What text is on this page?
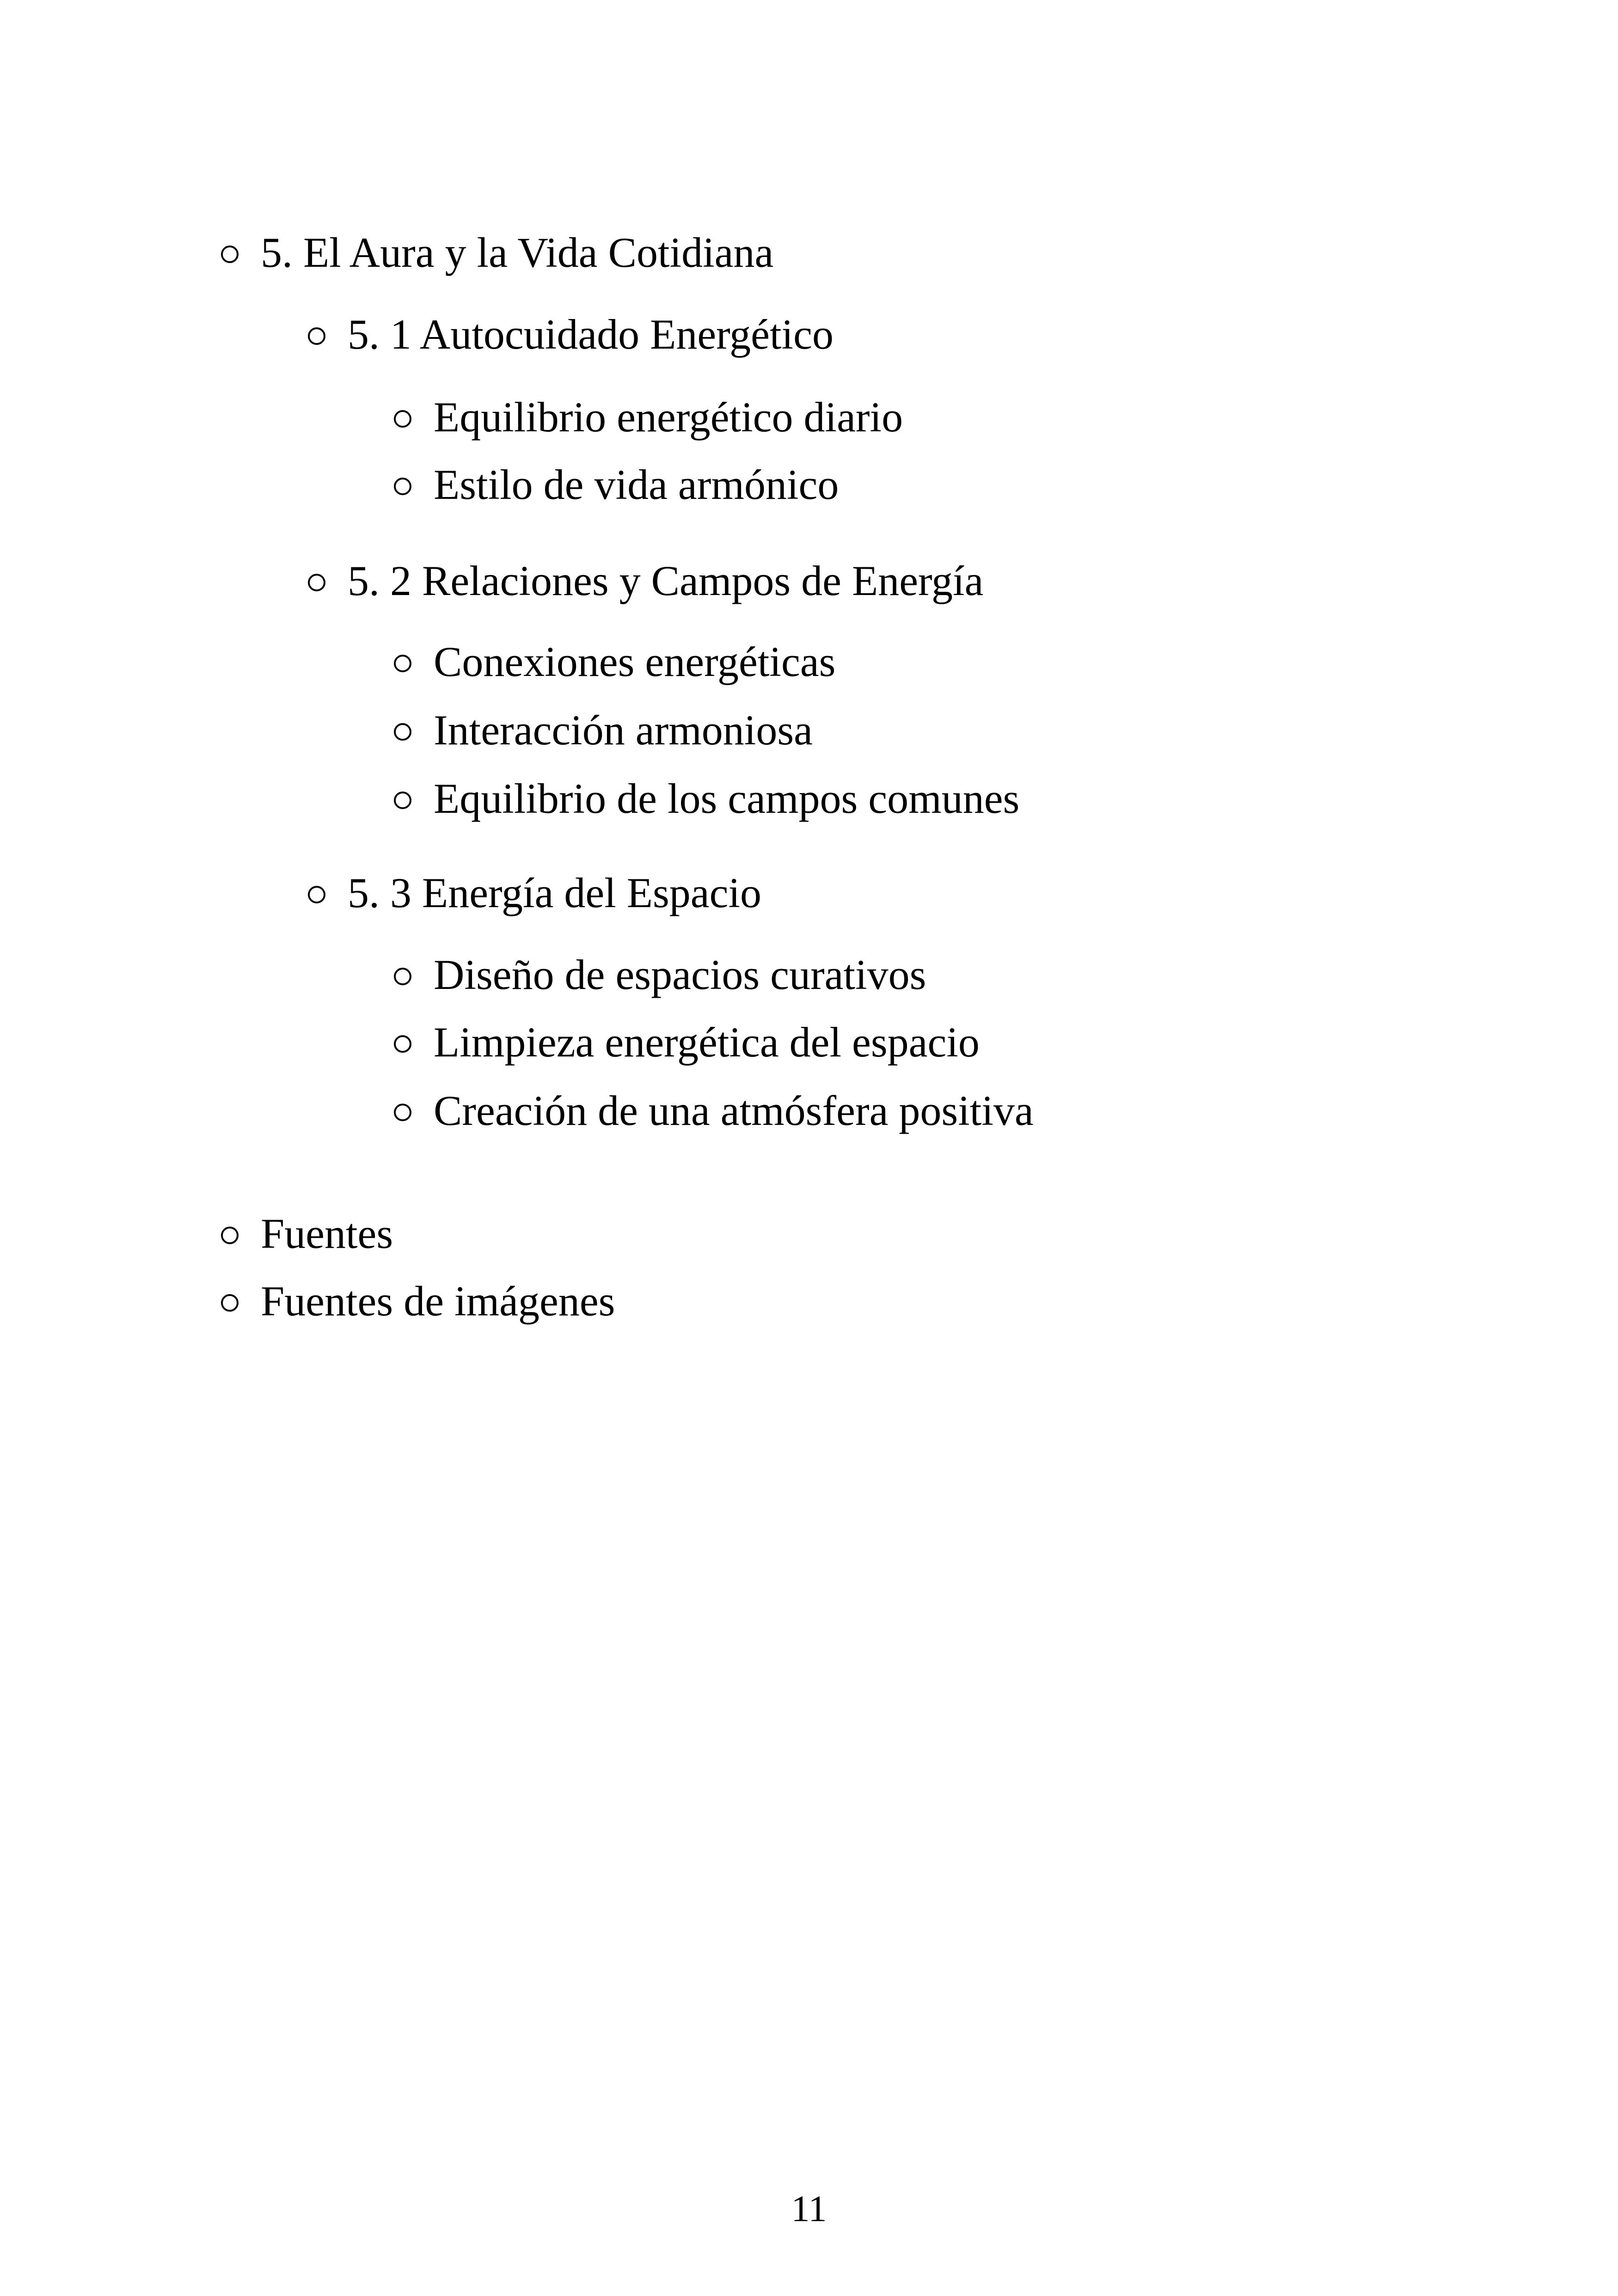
5. El Aura y la Vida Cotidiana
5. 1 Autocuidado Energético
Equilibrio energético diario
Estilo de vida armónico
5. 2 Relaciones y Campos de Energía
Conexiones energéticas
Interacción armoniosa
Equilibrio de los campos comunes
5. 3 Energía del Espacio
Diseño de espacios curativos
Limpieza energética del espacio
Creación de una atmósfera positiva
Fuentes
Fuentes de imágenes
11
